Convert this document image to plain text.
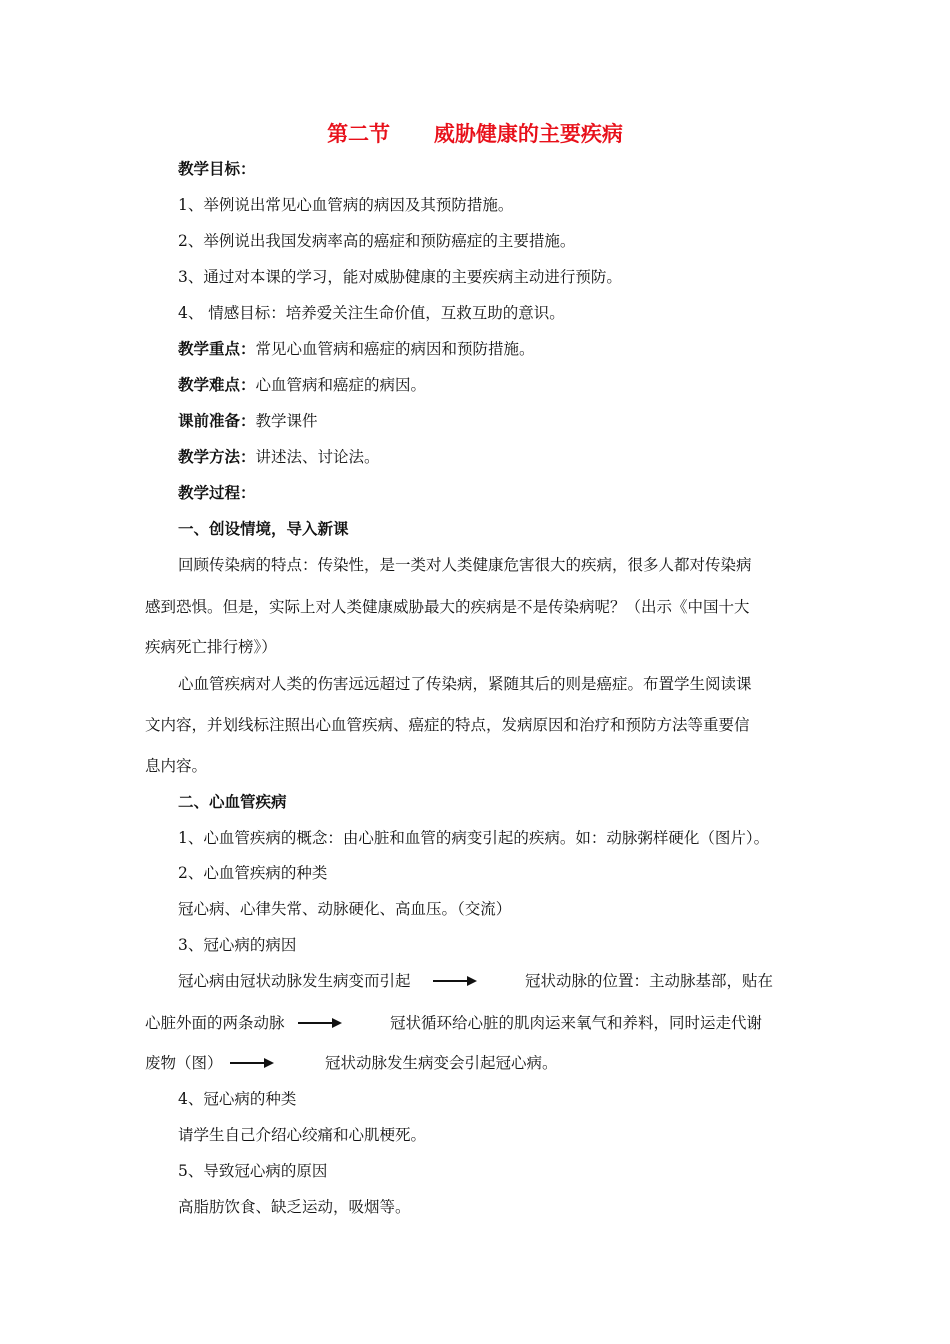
第二节      威胁健康的主要疾病
教学目标：
1、举例说出常见心血管病的病因及其预防措施。
2、举例说出我国发病率高的癌症和预防癌症的主要措施。
3、通过对本课的学习，能对威胁健康的主要疾病主动进行预防。
4、 情感目标：培养爱关注生命价值，互救互助的意识。
教学重点：常见心血管病和癌症的病因和预防措施。
教学难点：心血管病和癌症的病因。
课前准备：教学课件
教学方法：讲述法、讨论法。
教学过程：
一、创设情境，导入新课
回顾传染病的特点：传染性，是一类对人类健康危害很大的疾病，很多人都对传染病
感到恐惧。但是，实际上对人类健康威胁最大的疾病是不是传染病呢？（出示《中国十大
疾病死亡排行榜》）
心血管疾病对人类的伤害远远超过了传染病，紧随其后的则是癌症。布置学生阅读课
文内容，并划线标注照出心血管疾病、癌症的特点，发病原因和治疗和预防方法等重要信
息内容。
二、心血管疾病
1、心血管疾病的概念：由心脏和血管的病变引起的疾病。如：动脉粥样硬化（图片）。
2、心血管疾病的种类
冠心病、心律失常、动脉硬化、高血压。（交流）
3、冠心病的病因
冠心病由冠状动脉发生病变而引起	冠状动脉的位置：主动脉基部，贴在
心脏外面的两条动脉	冠状循环给心脏的肌肉运来氧气和养料，同时运走代谢
废物（图）	冠状动脉发生病变会引起冠心病。
4、冠心病的种类
请学生自己介绍心绞痛和心肌梗死。
5、导致冠心病的原因
高脂肪饮食、缺乏运动，吸烟等。
